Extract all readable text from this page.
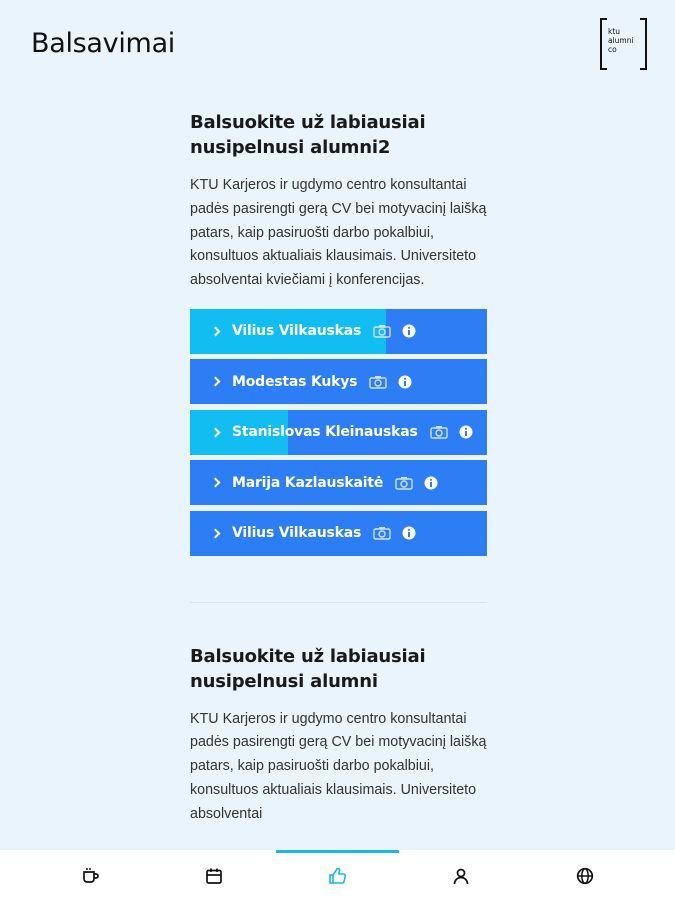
Balsavimai	ktu
alumni
co
Balsuokite už labiausiai nusipelnusi alumni2

KTU Karjeros ir ugdymo centro konsultantai padės pasirengti gerą CV bei motyvacinį laišką patars, kaip pasiruošti darbo pokalbiui, konsultuos aktualiais klausimais. Universiteto absolventai kviečiami į konferencijas.

Vilius Vilkauskas
Modestas Kukys
Stanislovas Kleinauskas
Marija Kazlauskaitė
Vilius Vilkauskas
Balsuokite už labiausiai nusipelnusi alumni

KTU Karjeros ir ugdymo centro konsultantai padės pasirengti gerą CV bei motyvacinį laišką patars, kaip pasiruošti darbo pokalbiui, konsultuos aktualiais klausimais. Universiteto absolventai
